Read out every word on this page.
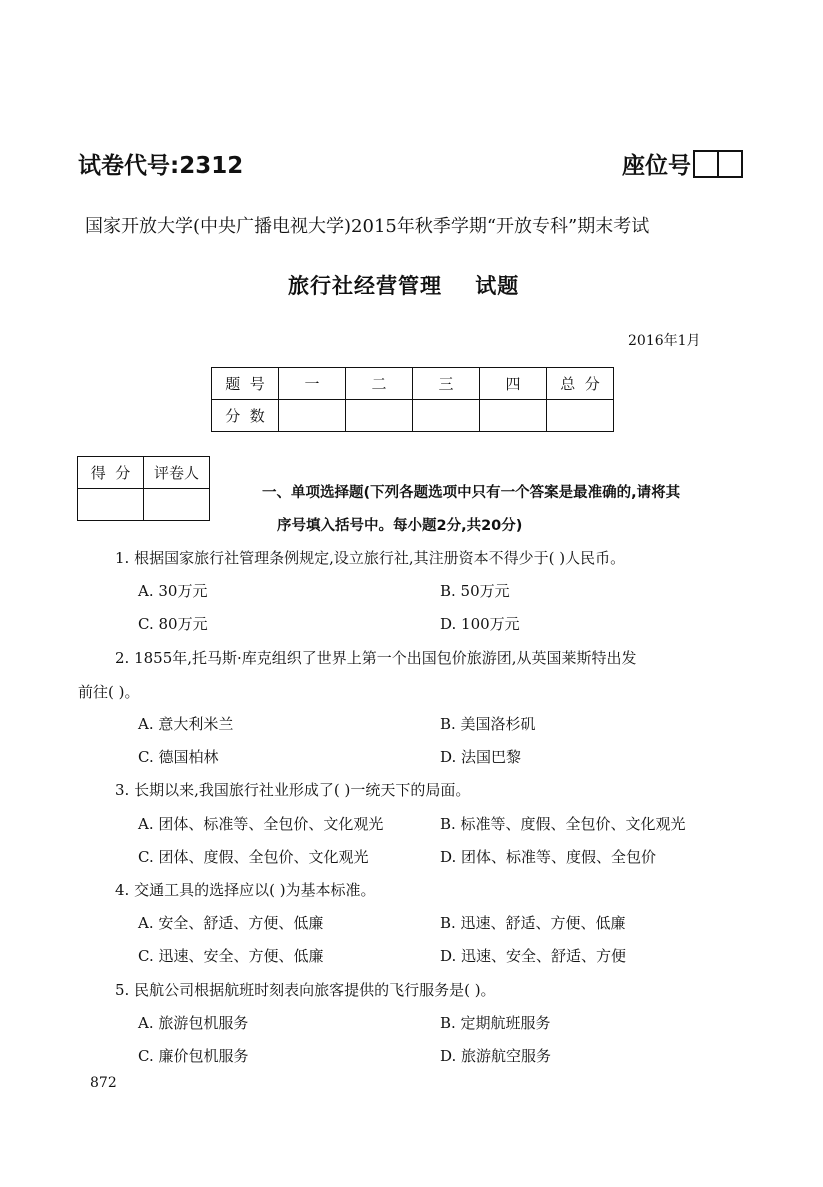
试卷代号:2312	座位号
国家开放大学(中央广播电视大学)2015年秋季学期“开放专科”期末考试
旅行社经营管理    试题
2016年1月
题  号	一	二	三	四	总  分
分  数					
得  分	评卷人

一、单项选择题(下列各题选项中只有一个答案是最准确的,请将其
序号填入括号中。每小题2分,共20分)
1. 根据国家旅行社管理条例规定,设立旅行社,其注册资本不得少于( )人民币。
A. 30万元	B. 50万元
C. 80万元	D. 100万元
2. 1855年,托马斯·库克组织了世界上第一个出国包价旅游团,从英国莱斯特出发
前往( )。
A. 意大利米兰	B. 美国洛杉矶
C. 德国柏林	D. 法国巴黎
3. 长期以来,我国旅行社业形成了( )一统天下的局面。
A. 团体、标准等、全包价、文化观光	B. 标准等、度假、全包价、文化观光
C. 团体、度假、全包价、文化观光	D. 团体、标准等、度假、全包价
4. 交通工具的选择应以( )为基本标准。
A. 安全、舒适、方便、低廉	B. 迅速、舒适、方便、低廉
C. 迅速、安全、方便、低廉	D. 迅速、安全、舒适、方便
5. 民航公司根据航班时刻表向旅客提供的飞行服务是( )。
A. 旅游包机服务	B. 定期航班服务
C. 廉价包机服务	D. 旅游航空服务
872
